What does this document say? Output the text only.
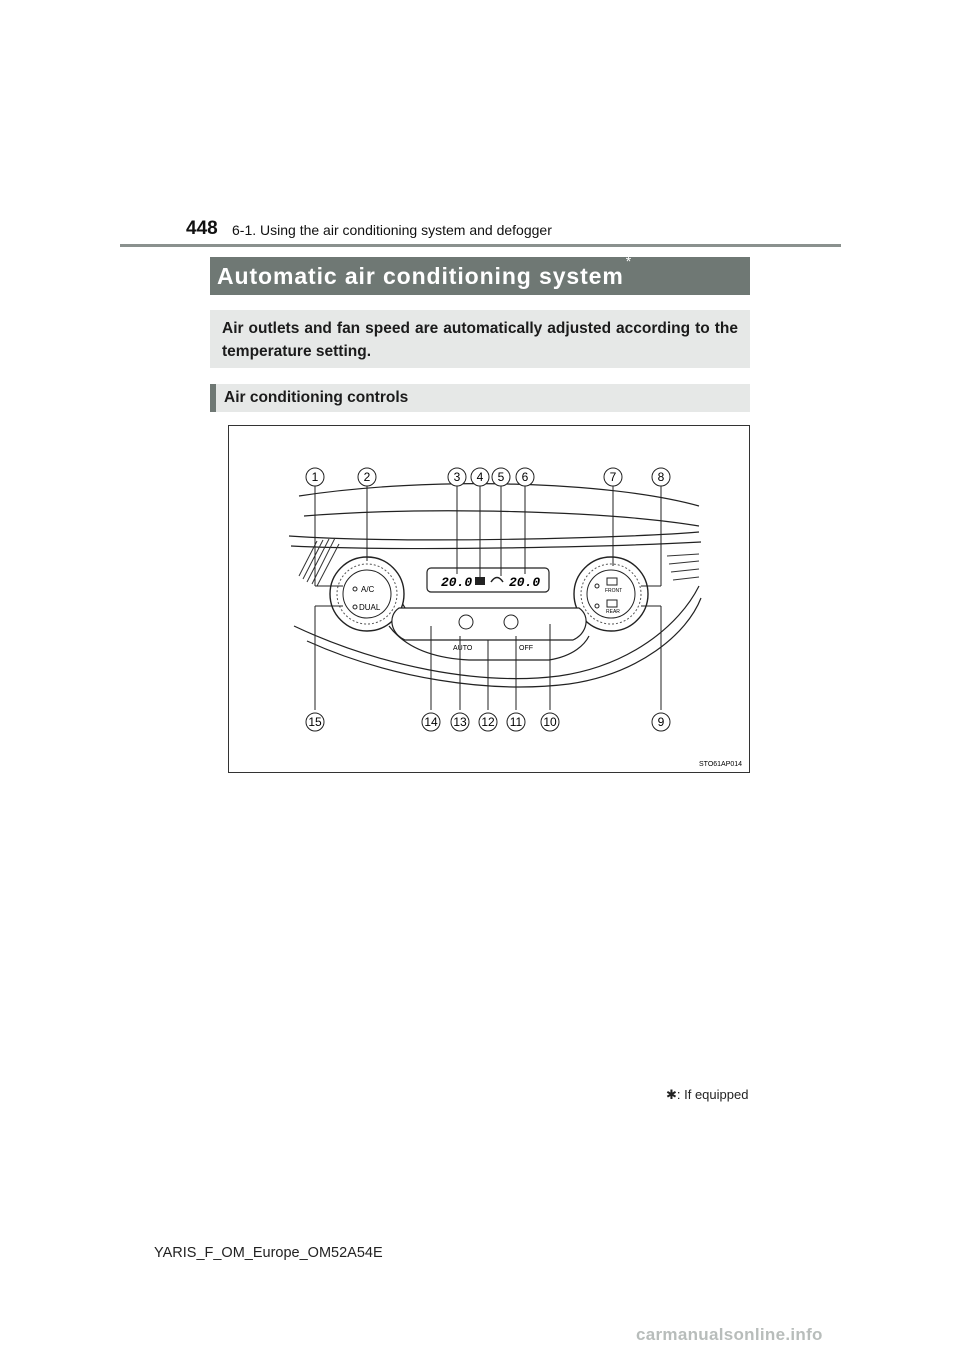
448 6-1. Using the air conditioning system and defogger
Automatic air conditioning system*
Air outlets and fan speed are automatically adjusted according to the temperature setting.
Air conditioning controls
A/C
DUAL
FRONT
REAR
20.0	20.0
AUTO	OFF
1	2	3 4 5 6	7	8
15	14 13 12 11 10	9
STO61AP014
✱: If equipped
YARIS_F_OM_Europe_OM52A54E
carmanualsonline.info
